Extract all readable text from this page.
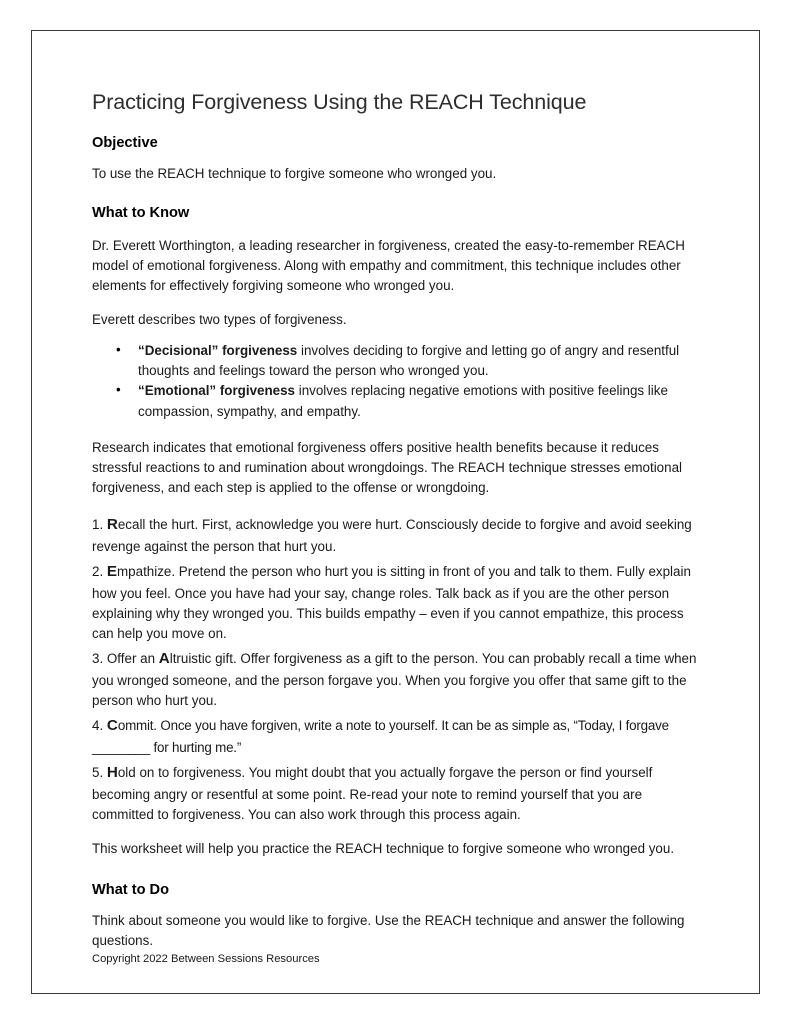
Practicing Forgiveness Using the REACH Technique
Objective

To use the REACH technique to forgive someone who wronged you.

What to Know

Dr. Everett Worthington, a leading researcher in forgiveness, created the easy-to-remember REACH model of emotional forgiveness. Along with empathy and commitment, this technique includes other elements for effectively forgiving someone who wronged you.

Everett describes two types of forgiveness.

• “Decisional” forgiveness involves deciding to forgive and letting go of angry and resentful thoughts and feelings toward the person who wronged you.
• “Emotional” forgiveness involves replacing negative emotions with positive feelings like compassion, sympathy, and empathy.

Research indicates that emotional forgiveness offers positive health benefits because it reduces stressful reactions to and rumination about wrongdoings. The REACH technique stresses emotional forgiveness, and each step is applied to the offense or wrongdoing.

1. Recall the hurt. First, acknowledge you were hurt. Consciously decide to forgive and avoid seeking revenge against the person that hurt you.

2. Empathize. Pretend the person who hurt you is sitting in front of you and talk to them. Fully explain how you feel. Once you have had your say, change roles. Talk back as if you are the other person explaining why they wronged you. This builds empathy – even if you cannot empathize, this process can help you move on.

3. Offer an Altruistic gift. Offer forgiveness as a gift to the person. You can probably recall a time when you wronged someone, and the person forgave you. When you forgive you offer that same gift to the person who hurt you.

4. Commit. Once you have forgiven, write a note to yourself. It can be as simple as, “Today, I forgave ________ for hurting me.”

5. Hold on to forgiveness. You might doubt that you actually forgave the person or find yourself becoming angry or resentful at some point. Re-read your note to remind yourself that you are committed to forgiveness. You can also work through this process again.

This worksheet will help you practice the REACH technique to forgive someone who wronged you.

What to Do

Think about someone you would like to forgive. Use the REACH technique and answer the following questions.

Copyright 2022 Between Sessions Resources
